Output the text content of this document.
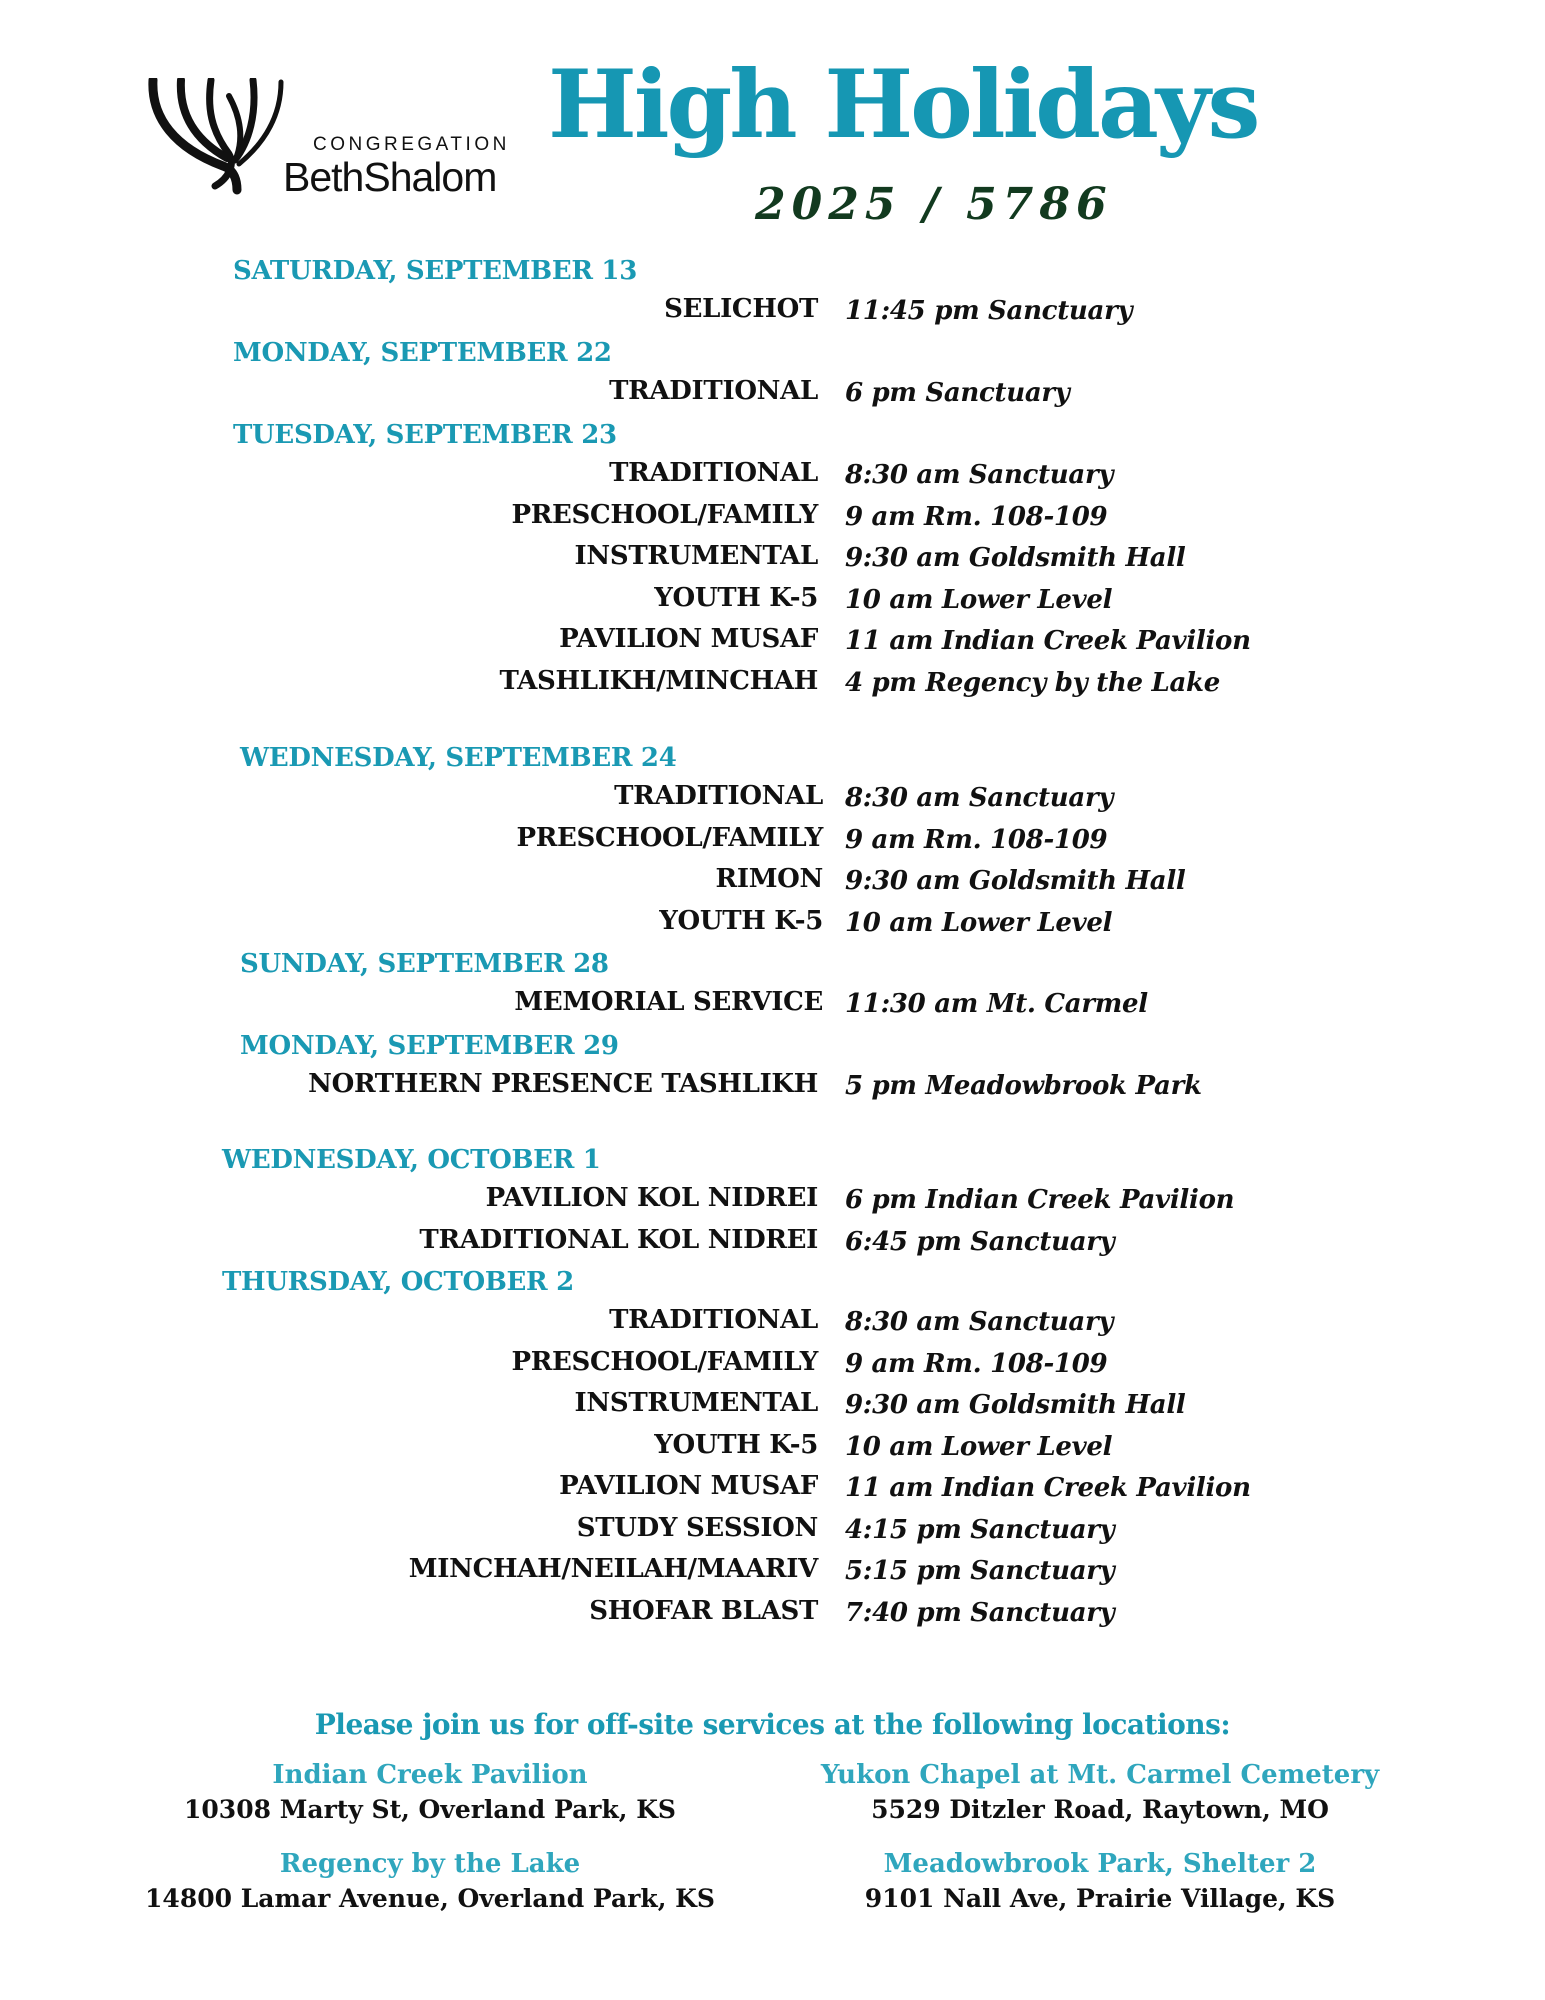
CONGREGATION
BethShalom
High Holidays
2025 / 5786
SATURDAY, SEPTEMBER 13
SELICHOT 11:45 pm Sanctuary
MONDAY, SEPTEMBER 22
TRADITIONAL 6 pm Sanctuary
TUESDAY, SEPTEMBER 23
TRADITIONAL 8:30 am Sanctuary
PRESCHOOL/FAMILY 9 am Rm. 108-109
INSTRUMENTAL 9:30 am Goldsmith Hall
YOUTH K-5 10 am Lower Level
PAVILION MUSAF 11 am Indian Creek Pavilion
TASHLIKH/MINCHAH 4 pm Regency by the Lake
WEDNESDAY, SEPTEMBER 24
TRADITIONAL 8:30 am Sanctuary
PRESCHOOL/FAMILY 9 am Rm. 108-109
RIMON 9:30 am Goldsmith Hall
YOUTH K-5 10 am Lower Level
SUNDAY, SEPTEMBER 28
MEMORIAL SERVICE 11:30 am Mt. Carmel
MONDAY, SEPTEMBER 29
NORTHERN PRESENCE TASHLIKH 5 pm Meadowbrook Park
WEDNESDAY, OCTOBER 1
PAVILION KOL NIDREI 6 pm Indian Creek Pavilion
TRADITIONAL KOL NIDREI 6:45 pm Sanctuary
THURSDAY, OCTOBER 2
TRADITIONAL 8:30 am Sanctuary
PRESCHOOL/FAMILY 9 am Rm. 108-109
INSTRUMENTAL 9:30 am Goldsmith Hall
YOUTH K-5 10 am Lower Level
PAVILION MUSAF 11 am Indian Creek Pavilion
STUDY SESSION 4:15 pm Sanctuary
MINCHAH/NEILAH/MAARIV 5:15 pm Sanctuary
SHOFAR BLAST 7:40 pm Sanctuary
Please join us for off-site services at the following locations:
Indian Creek Pavilion
10308 Marty St, Overland Park, KS
Yukon Chapel at Mt. Carmel Cemetery
5529 Ditzler Road, Raytown, MO
Regency by the Lake
14800 Lamar Avenue, Overland Park, KS
Meadowbrook Park, Shelter 2
9101 Nall Ave, Prairie Village, KS
